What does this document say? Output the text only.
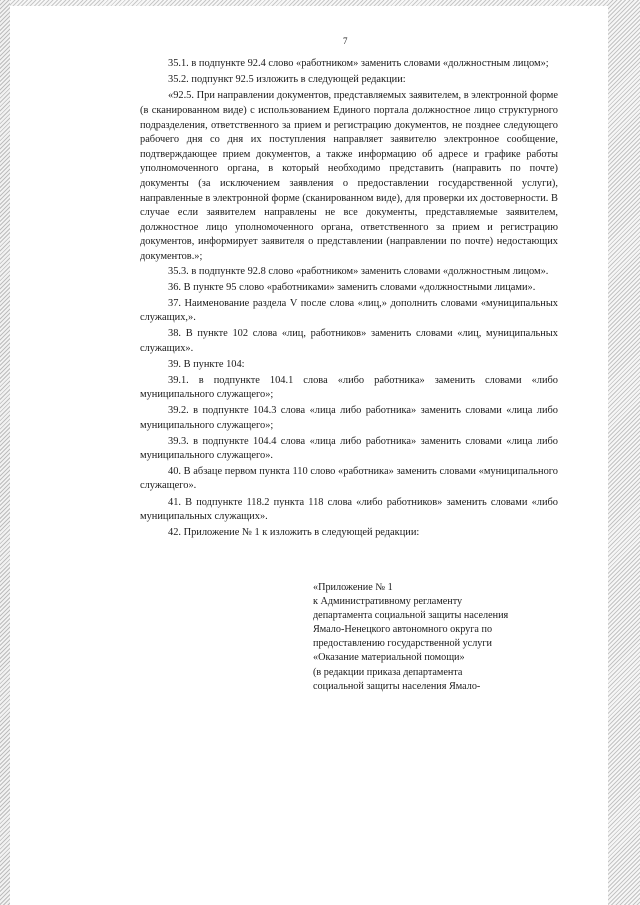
7

35.1. в подпункте 92.4 слово «работником» заменить словами «должностным лицом»;

35.2. подпункт 92.5 изложить в следующей редакции:

«92.5. При направлении документов, представляемых заявителем, в электронной форме (в сканированном виде) с использованием Единого портала должностное лицо структурного подразделения, ответственного за прием и регистрацию документов, не позднее следующего рабочего дня со дня их поступления направляет заявителю электронное сообщение, подтверждающее прием документов, а также информацию об адресе и графике работы уполномоченного органа, в который необходимо представить (направить по почте) документы (за исключением заявления о предоставлении государственной услуги), направленные в электронной форме (сканированном виде), для проверки их достоверности. В случае если заявителем направлены не все документы, представляемые заявителем, должностное лицо уполномоченного органа, ответственного за прием и регистрацию документов, информирует заявителя о представлении (направлении по почте) недостающих документов.»;

35.3. в подпункте 92.8 слово «работником» заменить словами «должностным лицом».

36. В пункте 95 слово «работниками» заменить словами «должностными лицами».

37. Наименование раздела V после слова «лиц,» дополнить словами «муниципальных служащих,».

38. В пункте 102 слова «лиц, работников» заменить словами «лиц, муниципальных служащих».

39. В пункте 104:

39.1. в подпункте 104.1 слова «либо работника» заменить словами «либо муниципального служащего»;

39.2. в подпункте 104.3 слова «лица либо работника» заменить словами «лица либо муниципального служащего»;

39.3. в подпункте 104.4 слова «лица либо работника» заменить словами «лица либо муниципального служащего».

40. В абзаце первом пункта 110 слово «работника» заменить словами «муниципального служащего».

41. В подпункте 118.2 пункта 118 слова «либо работников» заменить словами «либо муниципальных служащих».

42. Приложение № 1 к изложить в следующей редакции:

«Приложение № 1
к Административному регламенту
департамента социальной защиты населения
Ямало-Ненецкого автономного округа по
предоставлению государственной услуги
«Оказание материальной помощи»
(в редакции приказа департамента
социальной защиты населения Ямало-
